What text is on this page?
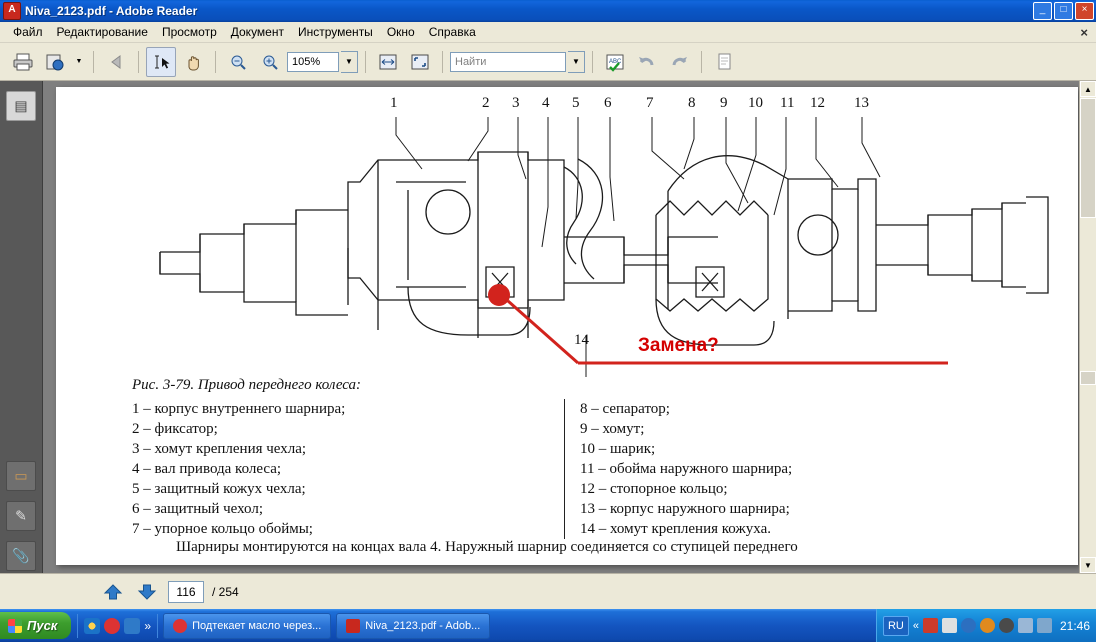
A Niva_2123.pdf - Adobe Reader	_	□	×
Файл	Редактирование	Просмотр	Документ	Инструменты	Окно	Справка	×
▼	105%	▼	Найти	▼	ABC
▤
▭
✎
📎
1	2 3 4 5 6 7 8 9 10 11 12 13
14	Замена?
Рис. 3-79. Привод переднего колеса:
1 – корпус внутреннего шарнира;
2 – фиксатор;
3 – хомут крепления чехла;
4 – вал привода колеса;
5 – защитный кожух чехла;
6 – защитный чехол;
7 – упорное кольцо обоймы;
8 – сепаратор;
9 – хомут;
10 – шарик;
11 – обойма наружного шарнира;
12 – стопорное кольцо;
13 – корпус наружного шарнира;
14 – хомут крепления кожуха.
Шарниры монтируются на концах вала 4. Наружный шарнир соединяется со ступицей переднего
▲
▼
116	/ 254
Пуск	»	Подтекает масло через...	Niva_2123.pdf - Adob...	RU «	21:46
